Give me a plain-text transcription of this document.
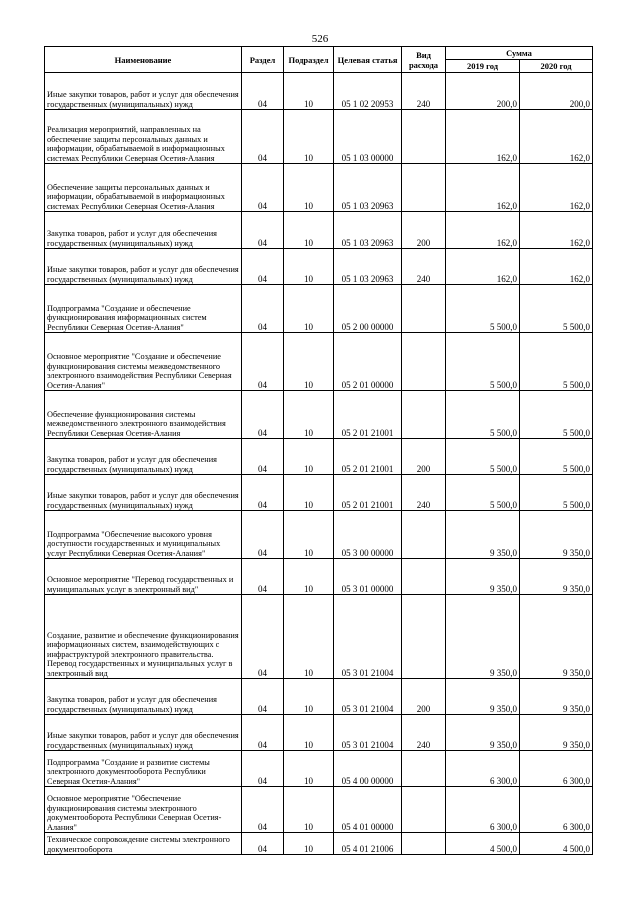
526
Наименование	Раздел	Подраздел	Целевая статья	Вид расхода	Сумма	
					2019 год	2020 год
Иные закупки товаров, работ и услуг для обеспечения государственных (муниципальных) нужд	04	10	05 1 02 20953	240	200,0	200,0
Реализация мероприятий, направленных на обеспечение защиты персональных данных и информации, обрабатываемой в информационных системах Республики Северная Осетия-Алания	04	10	05 1 03 00000		162,0	162,0
Обеспечение защиты персональных данных и информации, обрабатываемой в информационных системах Республики Северная Осетия-Алания	04	10	05 1 03 20963		162,0	162,0
Закупка товаров, работ и услуг для обеспечения государственных (муниципальных) нужд	04	10	05 1 03 20963	200	162,0	162,0
Иные закупки товаров, работ и услуг для обеспечения государственных (муниципальных) нужд	04	10	05 1 03 20963	240	162,0	162,0
Подпрограмма "Создание и обеспечение функционирования информационных систем Республики Северная Осетия-Алания"	04	10	05 2 00 00000		5 500,0	5 500,0
Основное мероприятие "Создание и обеспечение функционирования системы межведомственного электронного взаимодействия Республики Северная Осетия-Алания"	04	10	05 2 01 00000		5 500,0	5 500,0
Обеспечение функционирования системы межведомственного электронного взаимодействия Республики Северная Осетия-Алания	04	10	05 2 01 21001		5 500,0	5 500,0
Закупка товаров, работ и услуг для обеспечения государственных (муниципальных) нужд	04	10	05 2 01 21001	200	5 500,0	5 500,0
Иные закупки товаров, работ и услуг для обеспечения государственных (муниципальных) нужд	04	10	05 2 01 21001	240	5 500,0	5 500,0
Подпрограмма "Обеспечение высокого уровня доступности государственных и муниципальных услуг Республики Северная Осетия-Алания"	04	10	05 3 00 00000		9 350,0	9 350,0
Основное мероприятие "Перевод государственных и муниципальных услуг в электронный вид"	04	10	05 3 01 00000		9 350,0	9 350,0
Создание, развитие и обеспечение функционирования информационных систем, взаимодействующих с инфраструктурой электронного правительства. Перевод государственных и муниципальных услуг в электронный вид	04	10	05 3 01 21004		9 350,0	9 350,0
Закупка товаров, работ и услуг для обеспечения государственных (муниципальных) нужд	04	10	05 3 01 21004	200	9 350,0	9 350,0
Иные закупки товаров, работ и услуг для обеспечения государственных (муниципальных) нужд	04	10	05 3 01 21004	240	9 350,0	9 350,0
Подпрограмма "Создание и развитие системы электронного документооборота Республики Северная Осетия-Алания"	04	10	05 4 00 00000		6 300,0	6 300,0
Основное мероприятие "Обеспечение функционирования системы электронного документооборота Республики Северная Осетия-Алания"	04	10	05 4 01 00000		6 300,0	6 300,0
Техническое сопровождение системы электронного документооборота	04	10	05 4 01 21006		4 500,0	4 500,0
